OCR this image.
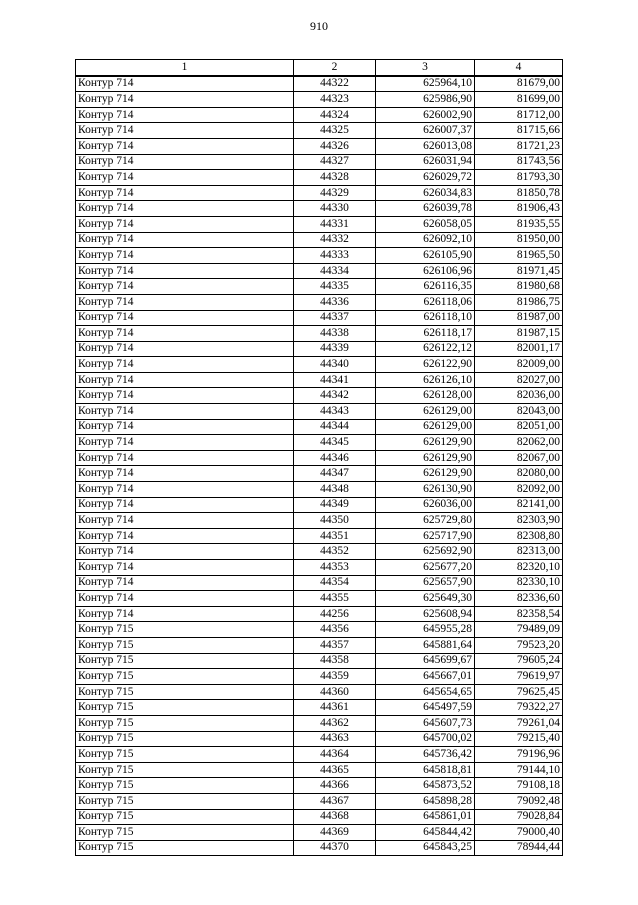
910
1	2	3	4
Контур 714	44322	625964,10	81679,00
Контур 714	44323	625986,90	81699,00
Контур 714	44324	626002,90	81712,00
Контур 714	44325	626007,37	81715,66
Контур 714	44326	626013,08	81721,23
Контур 714	44327	626031,94	81743,56
Контур 714	44328	626029,72	81793,30
Контур 714	44329	626034,83	81850,78
Контур 714	44330	626039,78	81906,43
Контур 714	44331	626058,05	81935,55
Контур 714	44332	626092,10	81950,00
Контур 714	44333	626105,90	81965,50
Контур 714	44334	626106,96	81971,45
Контур 714	44335	626116,35	81980,68
Контур 714	44336	626118,06	81986,75
Контур 714	44337	626118,10	81987,00
Контур 714	44338	626118,17	81987,15
Контур 714	44339	626122,12	82001,17
Контур 714	44340	626122,90	82009,00
Контур 714	44341	626126,10	82027,00
Контур 714	44342	626128,00	82036,00
Контур 714	44343	626129,00	82043,00
Контур 714	44344	626129,00	82051,00
Контур 714	44345	626129,90	82062,00
Контур 714	44346	626129,90	82067,00
Контур 714	44347	626129,90	82080,00
Контур 714	44348	626130,90	82092,00
Контур 714	44349	626036,00	82141,00
Контур 714	44350	625729,80	82303,90
Контур 714	44351	625717,90	82308,80
Контур 714	44352	625692,90	82313,00
Контур 714	44353	625677,20	82320,10
Контур 714	44354	625657,90	82330,10
Контур 714	44355	625649,30	82336,60
Контур 714	44256	625608,94	82358,54
Контур 715	44356	645955,28	79489,09
Контур 715	44357	645881,64	79523,20
Контур 715	44358	645699,67	79605,24
Контур 715	44359	645667,01	79619,97
Контур 715	44360	645654,65	79625,45
Контур 715	44361	645497,59	79322,27
Контур 715	44362	645607,73	79261,04
Контур 715	44363	645700,02	79215,40
Контур 715	44364	645736,42	79196,96
Контур 715	44365	645818,81	79144,10
Контур 715	44366	645873,52	79108,18
Контур 715	44367	645898,28	79092,48
Контур 715	44368	645861,01	79028,84
Контур 715	44369	645844,42	79000,40
Контур 715	44370	645843,25	78944,44
